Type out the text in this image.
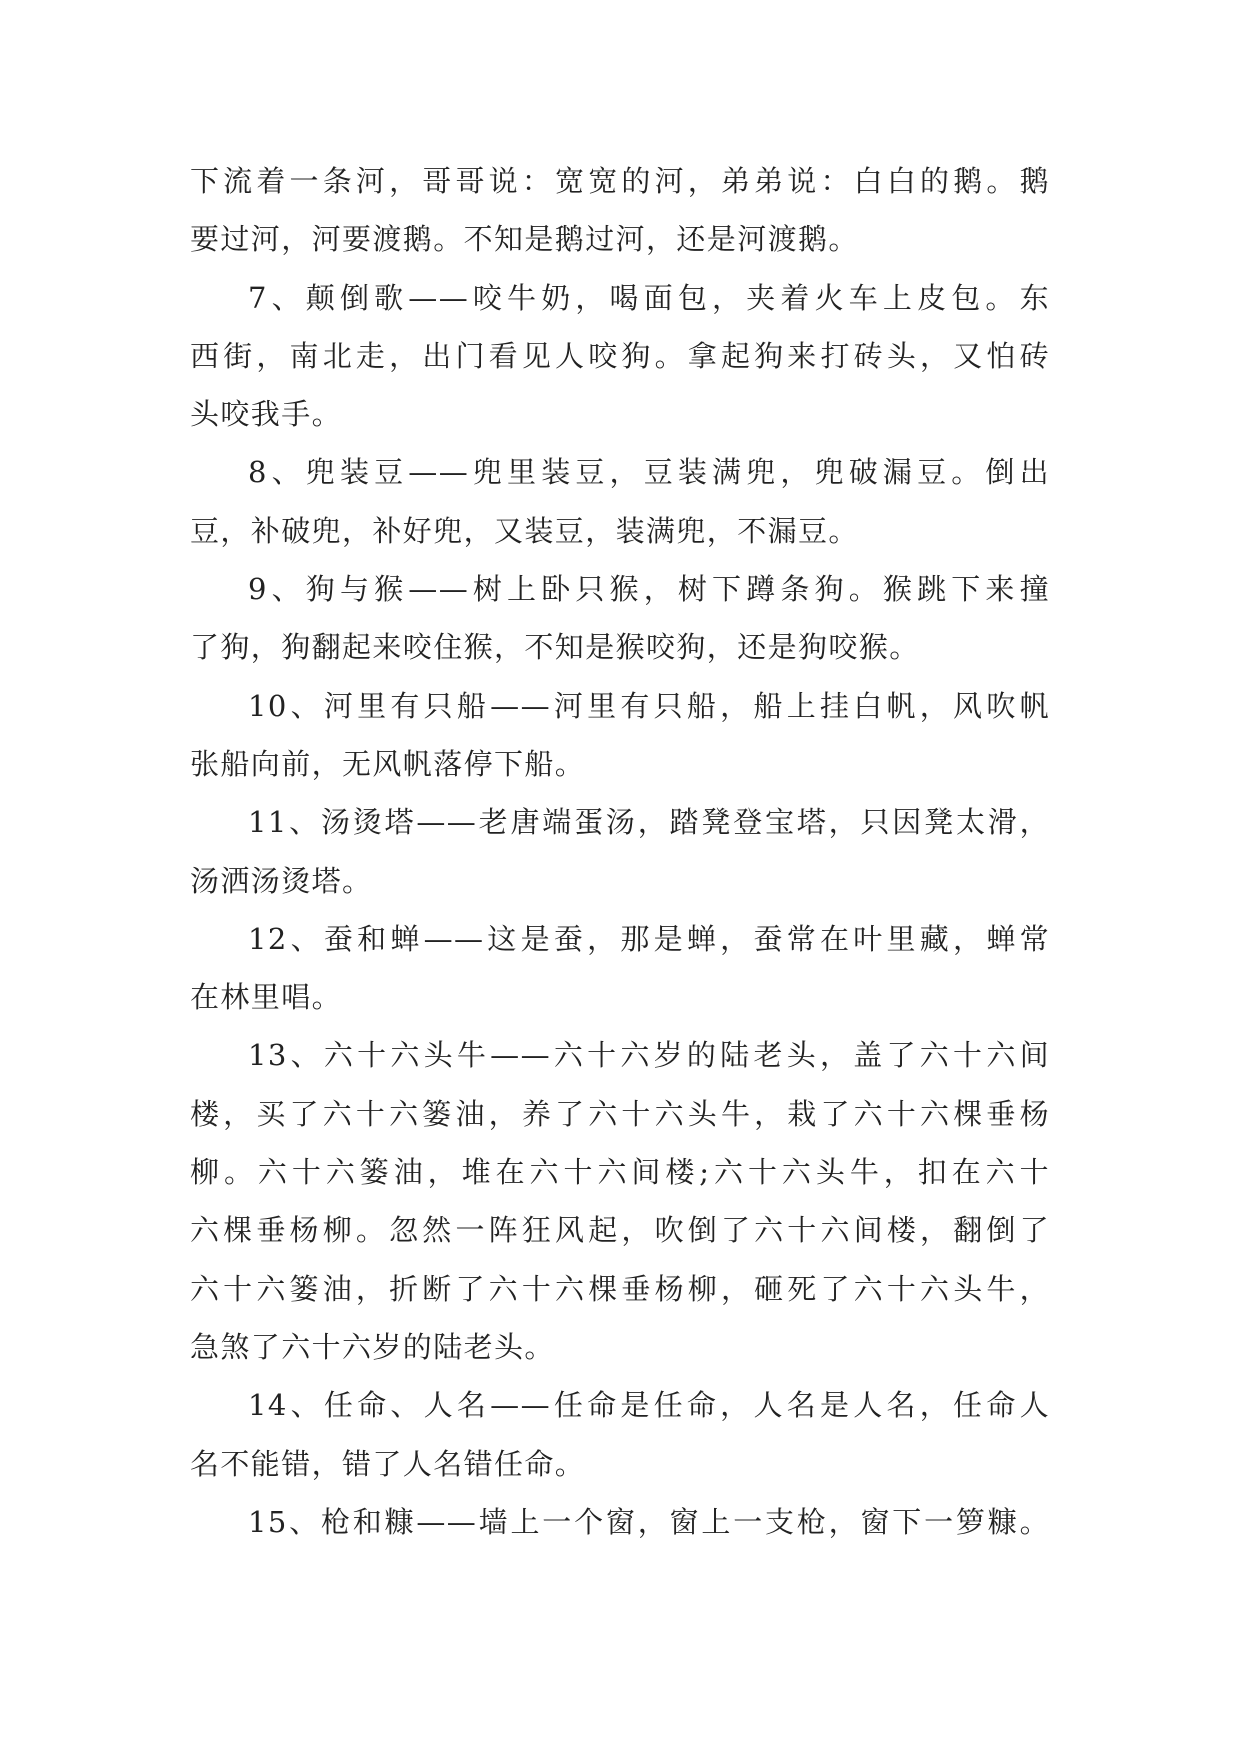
下流着一条河，哥哥说：宽宽的河，弟弟说：白白的鹅。鹅
要过河，河要渡鹅。不知是鹅过河，还是河渡鹅。
7、颠倒歌——咬牛奶，喝面包，夹着火车上皮包。东
西街，南北走，出门看见人咬狗。拿起狗来打砖头，又怕砖
头咬我手。
8、兜装豆——兜里装豆，豆装满兜，兜破漏豆。倒出
豆，补破兜，补好兜，又装豆，装满兜，不漏豆。
9、狗与猴——树上卧只猴，树下蹲条狗。猴跳下来撞
了狗，狗翻起来咬住猴，不知是猴咬狗，还是狗咬猴。
10、河里有只船——河里有只船，船上挂白帆，风吹帆
张船向前，无风帆落停下船。
11、汤烫塔——老唐端蛋汤，踏凳登宝塔，只因凳太滑，
汤洒汤烫塔。
12、蚕和蝉——这是蚕，那是蝉，蚕常在叶里藏，蝉常
在林里唱。
13、六十六头牛——六十六岁的陆老头，盖了六十六间
楼，买了六十六篓油，养了六十六头牛，栽了六十六棵垂杨
柳。六十六篓油，堆在六十六间楼;六十六头牛，扣在六十
六棵垂杨柳。忽然一阵狂风起，吹倒了六十六间楼，翻倒了
六十六篓油，折断了六十六棵垂杨柳，砸死了六十六头牛，
急煞了六十六岁的陆老头。
14、任命、人名——任命是任命，人名是人名，任命人
名不能错，错了人名错任命。
15、枪和糠——墙上一个窗，窗上一支枪，窗下一箩糠。
